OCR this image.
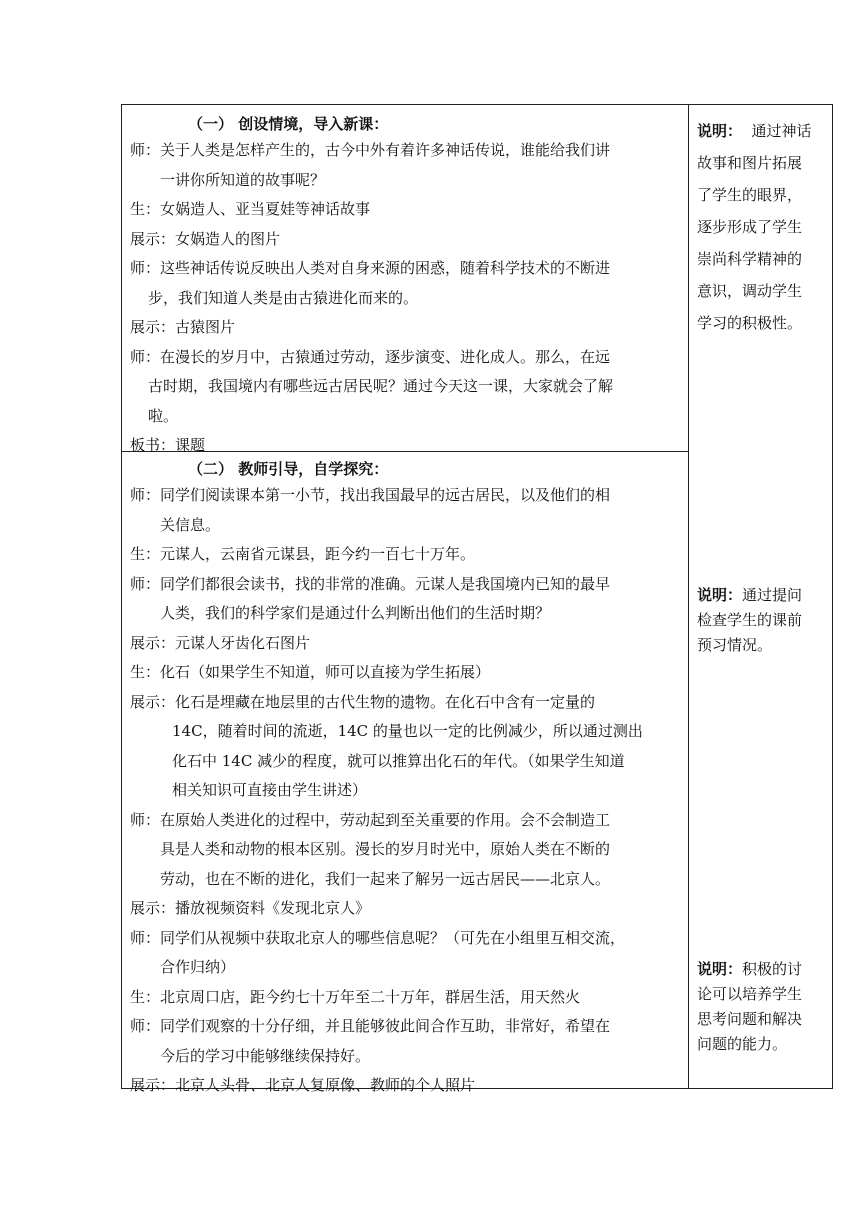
（一） 创设情境，导入新课：
师：关于人类是怎样产生的，古今中外有着许多神话传说，谁能给我们讲
一讲你所知道的故事呢？
生：女娲造人、亚当夏娃等神话故事
展示：女娲造人的图片
师：这些神话传说反映出人类对自身来源的困惑，随着科学技术的不断进
步，我们知道人类是由古猿进化而来的。
展示：古猿图片
师：在漫长的岁月中，古猿通过劳动，逐步演变、进化成人。那么，在远
古时期，我国境内有哪些远古居民呢？通过今天这一课，大家就会了解
啦。
板书：课题
（二） 教师引导，自学探究：
师：同学们阅读课本第一小节，找出我国最早的远古居民，以及他们的相
关信息。
生：元谋人，云南省元谋县，距今约一百七十万年。
师：同学们都很会读书，找的非常的准确。元谋人是我国境内已知的最早
人类，我们的科学家们是通过什么判断出他们的生活时期？
展示：元谋人牙齿化石图片
生：化石（如果学生不知道，师可以直接为学生拓展）
展示：化石是埋藏在地层里的古代生物的遗物。在化石中含有一定量的
14C，随着时间的流逝，14C 的量也以一定的比例减少，所以通过测出
化石中 14C 减少的程度，就可以推算出化石的年代。（如果学生知道
相关知识可直接由学生讲述）
师：在原始人类进化的过程中，劳动起到至关重要的作用。会不会制造工
具是人类和动物的根本区别。漫长的岁月时光中，原始人类在不断的
劳动，也在不断的进化，我们一起来了解另一远古居民——北京人。
展示：播放视频资料《发现北京人》
师：同学们从视频中获取北京人的哪些信息呢？（可先在小组里互相交流，
合作归纳）
生：北京周口店，距今约七十万年至二十万年，群居生活，用天然火
师：同学们观察的十分仔细，并且能够彼此间合作互助，非常好，希望在
今后的学习中能够继续保持好。
展示：北京人头骨、北京人复原像、教师的个人照片
说明：  通过神话
故事和图片拓展
了学生的眼界，
逐步形成了学生
崇尚科学精神的
意识，调动学生
学习的积极性。
说明：通过提问
检查学生的课前
预习情况。
说明：积极的讨
论可以培养学生
思考问题和解决
问题的能力。
